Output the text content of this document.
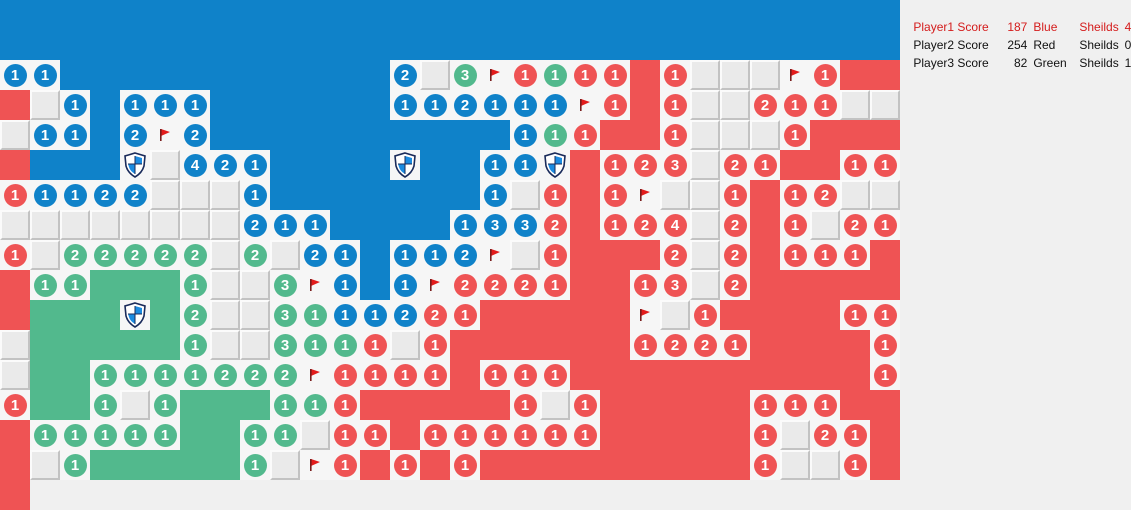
1	1	2	3	1	1	1	1	1	1
1	1	1	1	1	1	2	1	1	1	1	1	2	1	1
1	1	2	2	1	1	1	1	1
4	2	1	1	1	1	2	3	2	1	1	1
1	1	1	2	2	1	1	1	1	1	1	2
2	1	1	1	3	3	2	1	2	4	2	1	2	1
1	2	2	2	2	2	2	2	1	1	1	2	1	2	2	1	1	1
1	1	1	3	1	1	2	2	2	1	1	3	2
2	3	1	1	1	2	2	1	1	1	1
1	3	1	1	1	1	1	2	2	1	1
1	1	1	1	2	2	2	1	1	1	1	1	1	1	1
1	1	1	1	1	1	1	1	1	1	1
1	1	1	1	1	1	1	1	1	1	1	1	1	1	1	1	2	1
1	1	1	1	1	1	1

Player1 Score 187 Blue Sheilds 4

Player2 Score 254 Red Sheilds 0

Player3 Score 82 Green Sheilds 1
